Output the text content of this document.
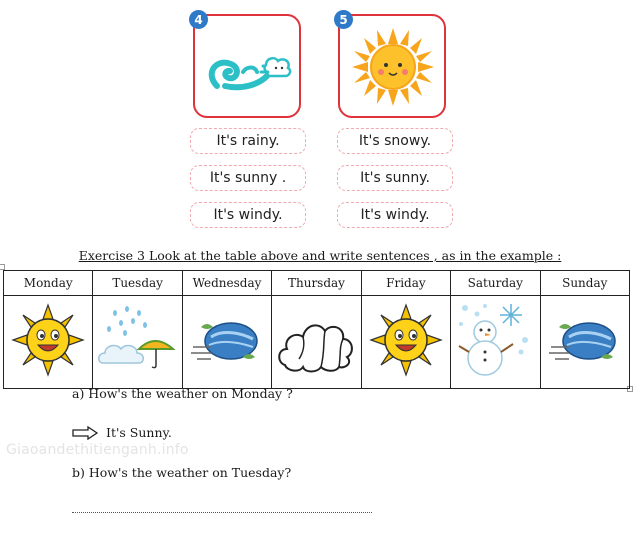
4	5
It's rainy.
It's sunny .
It's windy.
It's snowy.
It's sunny.
It's windy.
Exercise 3 Look at the table above and write sentences , as in the example :
Monday	Tuesday	Wednesday	Thursday	Friday	Saturday	Sunday

a) How's the weather on Monday ?
It's Sunny.
Giaoandethitienganh.info
b) How's the weather on Tuesday?
